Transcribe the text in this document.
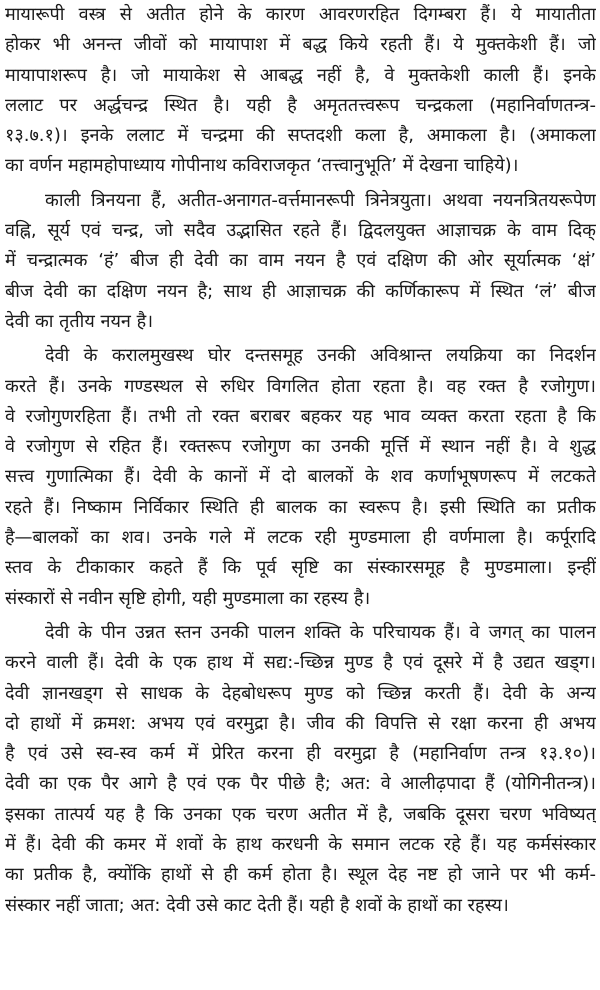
मायारूपी वस्त्र से अतीत होने के कारण आवरणरहित दिगम्बरा हैं। ये मायातीता
होकर भी अनन्त जीवों को मायापाश में बद्ध किये रहती हैं। ये मुक्तकेशी हैं। जो
मायापाशरूप है। जो मायाकेश से आबद्ध नहीं है, वे मुक्तकेशी काली हैं। इनके
ललाट पर अर्द्धचन्द्र स्थित है। यही है अमृततत्त्वरूप चन्द्रकला (महानिर्वाणतन्त्र-
१३.७.१)। इनके ललाट में चन्द्रमा की सप्तदशी कला है, अमाकला है। (अमाकला
का वर्णन महामहोपाध्याय गोपीनाथ कविराजकृत ‘तत्त्वानुभूति’ में देखना चाहिये)।
काली त्रिनयना हैं, अतीत-अनागत-वर्त्तमानरूपी त्रिनेत्रयुता। अथवा नयनत्रितयरूपेण
वह्नि, सूर्य एवं चन्द्र, जो सदैव उद्भासित रहते हैं। द्विदलयुक्त आज्ञाचक्र के वाम दिक्
में चन्द्रात्मक ‘हं’ बीज ही देवी का वाम नयन है एवं दक्षिण की ओर सूर्यात्मक ‘क्षं’
बीज देवी का दक्षिण नयन है; साथ ही आज्ञाचक्र की कर्णिकारूप में स्थित ‘लं’ बीज
देवी का तृतीय नयन है।
देवी के करालमुखस्थ घोर दन्तसमूह उनकी अविश्रान्त लयक्रिया का निदर्शन
करते हैं। उनके गण्डस्थल से रुधिर विगलित होता रहता है। वह रक्त है रजोगुण।
वे रजोगुणरहिता हैं। तभी तो रक्त बराबर बहकर यह भाव व्यक्त करता रहता है कि
वे रजोगुण से रहित हैं। रक्तरूप रजोगुण का उनकी मूर्त्ति में स्थान नहीं है। वे शुद्ध
सत्त्व गुणात्मिका हैं। देवी के कानों में दो बालकों के शव कर्णाभूषणरूप में लटकते
रहते हैं। निष्काम निर्विकार स्थिति ही बालक का स्वरूप है। इसी स्थिति का प्रतीक
है—बालकों का शव। उनके गले में लटक रही मुण्डमाला ही वर्णमाला है। कर्पूरादि
स्तव के टीकाकार कहते हैं कि पूर्व सृष्टि का संस्कारसमूह है मुण्डमाला। इन्हीं
संस्कारों से नवीन सृष्टि होगी, यही मुण्डमाला का रहस्य है।
देवी के पीन उन्नत स्तन उनकी पालन शक्ति के परिचायक हैं। वे जगत् का पालन
करने वाली हैं। देवी के एक हाथ में सद्य:-च्छिन्न मुण्ड है एवं दूसरे में है उद्यत खड्ग।
देवी ज्ञानखड्ग से साधक के देहबोधरूप मुण्ड को च्छिन्न करती हैं। देवी के अन्य
दो हाथों में क्रमश: अभय एवं वरमुद्रा है। जीव की विपत्ति से रक्षा करना ही अभय
है एवं उसे स्व-स्व कर्म में प्रेरित करना ही वरमुद्रा है (महानिर्वाण तन्त्र १३.१०)।
देवी का एक पैर आगे है एवं एक पैर पीछे है; अत: वे आलीढ़पादा हैं (योगिनीतन्त्र)।
इसका तात्पर्य यह है कि उनका एक चरण अतीत में है, जबकि दूसरा चरण भविष्यत्
में हैं। देवी की कमर में शवों के हाथ करधनी के समान लटक रहे हैं। यह कर्मसंस्कार
का प्रतीक है, क्योंकि हाथों से ही कर्म होता है। स्थूल देह नष्ट हो जाने पर भी कर्म-
संस्कार नहीं जाता; अत: देवी उसे काट देती हैं। यही है शवों के हाथों का रहस्य।
